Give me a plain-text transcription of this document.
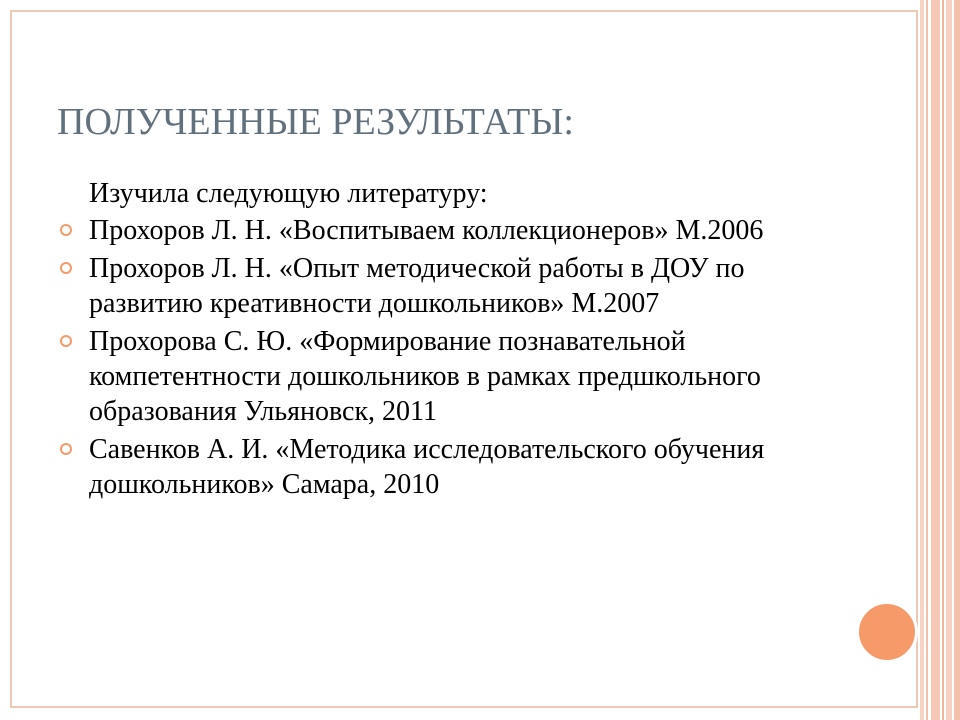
ПОЛУЧЕННЫЕ РЕЗУЛЬТАТЫ:

Изучила следующую литературу:

Прохоров Л. Н. «Воспитываем коллекционеров» М.2006
Прохоров Л. Н. «Опыт методической работы в ДОУ по развитию креативности дошкольников» М.2007
Прохорова С. Ю. «Формирование познавательной компетентности дошкольников в рамках предшкольного образования Ульяновск, 2011
Савенков А. И. «Методика исследовательского обучения дошкольников» Самара, 2010
